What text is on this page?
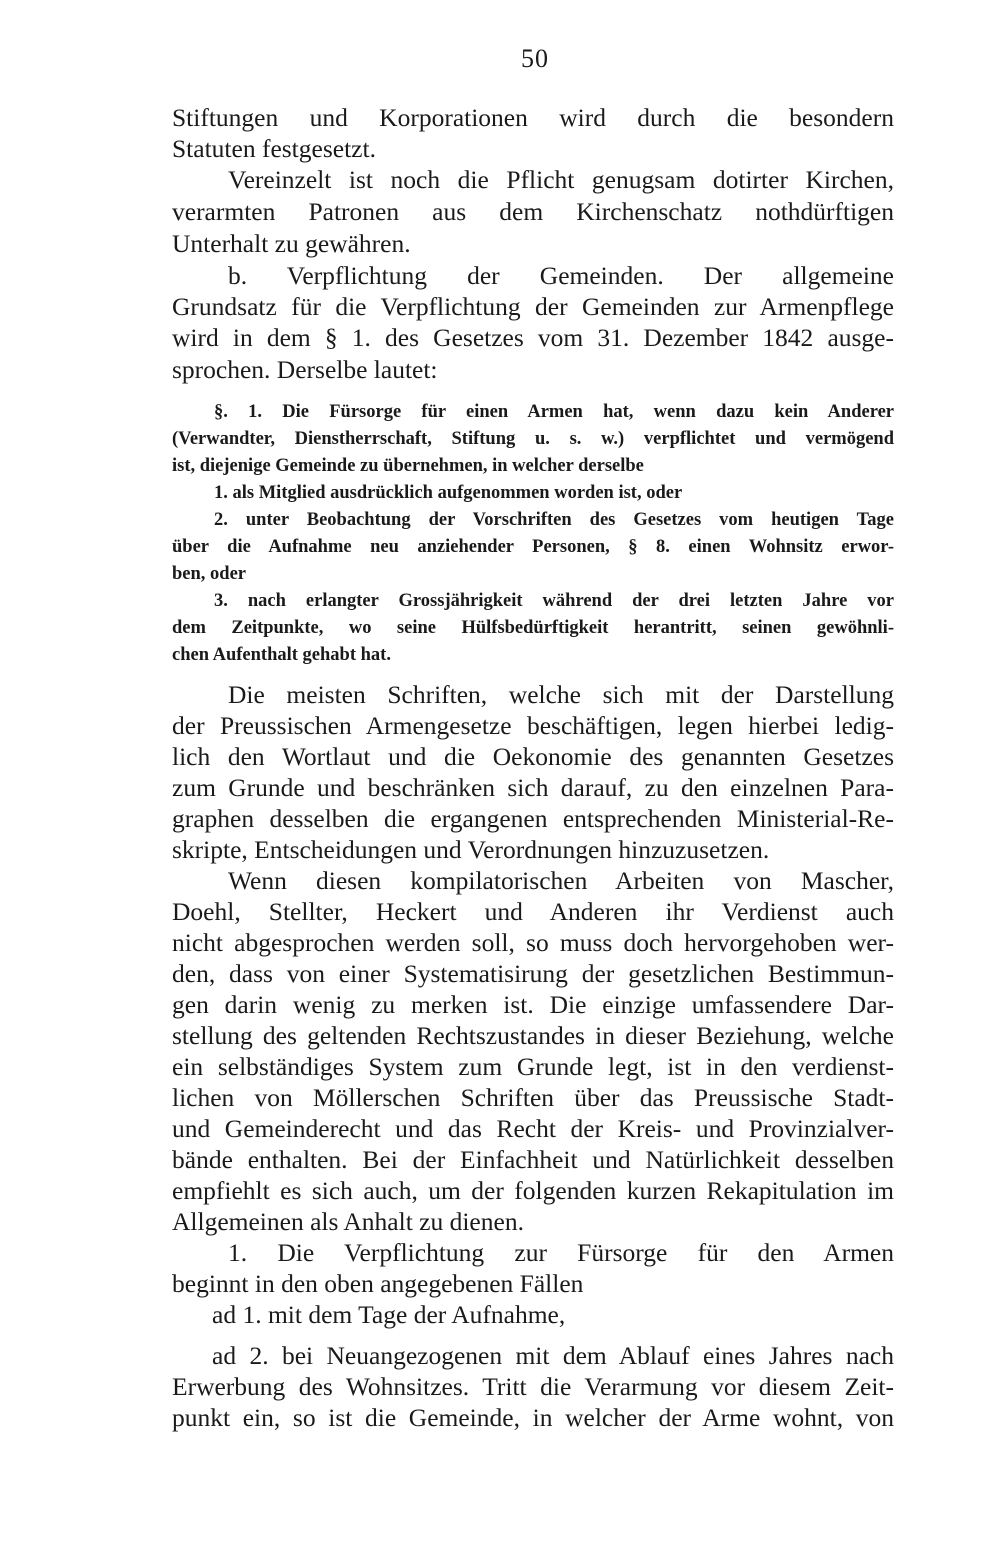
50
Stiftungen und Korporationen wird durch die besondern
Statuten festgesetzt.
Vereinzelt ist noch die Pflicht genugsam dotirter Kirchen,
verarmten Patronen aus dem Kirchenschatz nothdürftigen
Unterhalt zu gewähren.
b. Verpflichtung der Gemeinden. Der allgemeine
Grundsatz für die Verpflichtung der Gemeinden zur Armenpflege
wird in dem § 1. des Gesetzes vom 31. Dezember 1842 ausge-
sprochen. Derselbe lautet:
§. 1. Die Fürsorge für einen Armen hat, wenn dazu kein Anderer
(Verwandter, Dienstherrschaft, Stiftung u. s. w.) verpflichtet und vermögend
ist, diejenige Gemeinde zu übernehmen, in welcher derselbe
1. als Mitglied ausdrücklich aufgenommen worden ist, oder
2. unter Beobachtung der Vorschriften des Gesetzes vom heutigen Tage
über die Aufnahme neu anziehender Personen, § 8. einen Wohnsitz erwor-
ben, oder
3. nach erlangter Grossjährigkeit während der drei letzten Jahre vor
dem Zeitpunkte, wo seine Hülfsbedürftigkeit herantritt, seinen gewöhnli-
chen Aufenthalt gehabt hat.
Die meisten Schriften, welche sich mit der Darstellung
der Preussischen Armengesetze beschäftigen, legen hierbei ledig-
lich den Wortlaut und die Oekonomie des genannten Gesetzes
zum Grunde und beschränken sich darauf, zu den einzelnen Para-
graphen desselben die ergangenen entsprechenden Ministerial-Re-
skripte, Entscheidungen und Verordnungen hinzuzusetzen.
Wenn diesen kompilatorischen Arbeiten von Mascher,
Doehl, Stellter, Heckert und Anderen ihr Verdienst auch
nicht abgesprochen werden soll, so muss doch hervorgehoben wer-
den, dass von einer Systematisirung der gesetzlichen Bestimmun-
gen darin wenig zu merken ist. Die einzige umfassendere Dar-
stellung des geltenden Rechtszustandes in dieser Beziehung, welche
ein selbständiges System zum Grunde legt, ist in den verdienst-
lichen von Möllerschen Schriften über das Preussische Stadt-
und Gemeinderecht und das Recht der Kreis- und Provinzialver-
bände enthalten. Bei der Einfachheit und Natürlichkeit desselben
empfiehlt es sich auch, um der folgenden kurzen Rekapitulation im
Allgemeinen als Anhalt zu dienen.
1. Die Verpflichtung zur Fürsorge für den Armen
beginnt in den oben angegebenen Fällen
ad 1. mit dem Tage der Aufnahme,
ad 2. bei Neuangezogenen mit dem Ablauf eines Jahres nach
Erwerbung des Wohnsitzes. Tritt die Verarmung vor diesem Zeit-
punkt ein, so ist die Gemeinde, in welcher der Arme wohnt, von
